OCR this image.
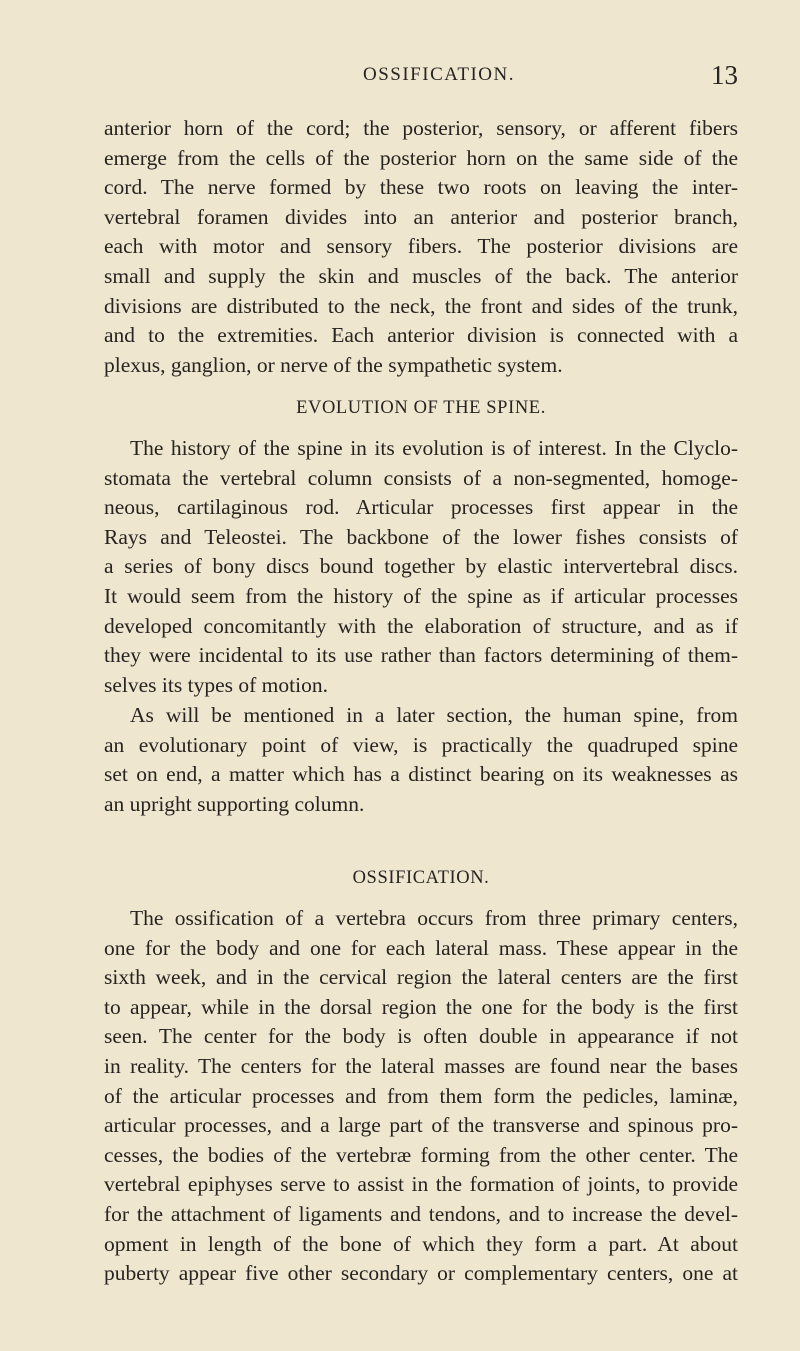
OSSIFICATION.	13
anterior horn of the cord; the posterior, sensory, or afferent fibers
emerge from the cells of the posterior horn on the same side of the
cord. The nerve formed by these two roots on leaving the inter-
vertebral foramen divides into an anterior and posterior branch,
each with motor and sensory fibers. The posterior divisions are
small and supply the skin and muscles of the back. The anterior
divisions are distributed to the neck, the front and sides of the trunk,
and to the extremities. Each anterior division is connected with a
plexus, ganglion, or nerve of the sympathetic system.
EVOLUTION OF THE SPINE.
The history of the spine in its evolution is of interest. In the Clyclo-
stomata the vertebral column consists of a non-segmented, homoge-
neous, cartilaginous rod. Articular processes first appear in the
Rays and Teleostei. The backbone of the lower fishes consists of
a series of bony discs bound together by elastic intervertebral discs.
It would seem from the history of the spine as if articular processes
developed concomitantly with the elaboration of structure, and as if
they were incidental to its use rather than factors determining of them-
selves its types of motion.
As will be mentioned in a later section, the human spine, from
an evolutionary point of view, is practically the quadruped spine
set on end, a matter which has a distinct bearing on its weaknesses as
an upright supporting column.
OSSIFICATION.
The ossification of a vertebra occurs from three primary centers,
one for the body and one for each lateral mass. These appear in the
sixth week, and in the cervical region the lateral centers are the first
to appear, while in the dorsal region the one for the body is the first
seen. The center for the body is often double in appearance if not
in reality. The centers for the lateral masses are found near the bases
of the articular processes and from them form the pedicles, laminæ,
articular processes, and a large part of the transverse and spinous pro-
cesses, the bodies of the vertebræ forming from the other center. The
vertebral epiphyses serve to assist in the formation of joints, to provide
for the attachment of ligaments and tendons, and to increase the devel-
opment in length of the bone of which they form a part. At about
puberty appear five other secondary or complementary centers, one at
